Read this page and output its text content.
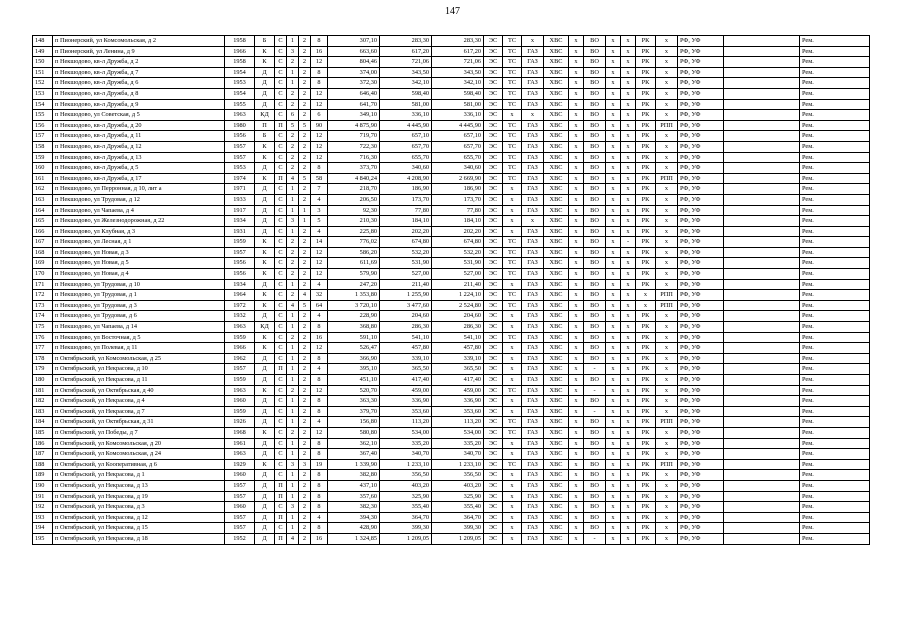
147
148	п Пионерский, ул Комсомольская, д 2	1958	Б	С	1	2	8	307,10	283,30	283,30	ЭС	ТС	х	ХВС	х	ВО	х	х	РК	х	РФ, УФ		Рем.
149	п Пионерский, ул Ленина, д 9	1966	К	С	3	2	16	663,60	617,20	617,20	ЭС	ТС	ГАЗ	ХВС	х	ВО	х	х	РК	х	РФ, УФ		Рем.
150	п Некшодово, кв-л Дружба, д 2	1958	К	С	2	2	12	804,46	721,06	721,06	ЭС	ТС	ГАЗ	ХВС	х	ВО	х	х	РК	х	РФ, УФ		Рем.
151	п Некшодово, кв-л Дружба, д 7	1954	Д	С	1	2	8	374,00	343,50	343,50	ЭС	ТС	ГАЗ	ХВС	х	ВО	х	х	РК	х	РФ, УФ		Рем.
152	п Некшодово, кв-л Дружба, д 6	1953	Д	С	1	2	8	372,30	342,10	342,10	ЭС	ТС	ГАЗ	ХВС	х	ВО	х	х	РК	х	РФ, УФ		Рем.
153	п Некшодово, кв-л Дружба, д 8	1954	Д	С	2	2	12	646,40	598,40	598,40	ЭС	ТС	ГАЗ	ХВС	х	ВО	х	х	РК	х	РФ, УФ		Рем.
154	п Некшодово, кв-л Дружба, д 9	1955	Д	С	2	2	12	641,70	581,00	581,00	ЭС	ТС	ГАЗ	ХВС	х	ВО	х	х	РК	х	РФ, УФ		Рем.
155	п Некшодово, ул Советская, д 5	1963	КД	С	6	2	6	349,10	336,10	336,10	ЭС	х	х	ХВС	х	ВО	х	х	РК	х	РФ, УФ		Рем.
156	п Некшодово, кв-л Дружба, д 20	1980	П	П	5	5	90	4 875,90	4 445,90	4 445,90	ЭС	ТС	ГАЗ	ХВС	х	ВО	х	х	РК	РПП	РФ, УФ		Рем.
157	п Некшодово, кв-л Дружба, д 11	1956	Б	С	2	2	12	719,70	657,10	657,10	ЭС	ТС	ГАЗ	ХВС	х	ВО	х	х	РК	х	РФ, УФ		Рем.
158	п Некшодово, кв-л Дружба, д 12	1957	К	С	2	2	12	722,30	657,70	657,70	ЭС	ТС	ГАЗ	ХВС	х	ВО	х	х	РК	х	РФ, УФ		Рем.
159	п Некшодово, кв-л Дружба, д 13	1957	К	С	2	2	12	716,30	655,70	655,70	ЭС	ТС	ГАЗ	ХВС	х	ВО	х	х	РК	х	РФ, УФ		Рем.
160	п Некшодово, кв-л Дружба, д 5	1953	Д	С	2	2	8	373,70	340,60	340,60	ЭС	ТС	ГАЗ	ХВС	х	ВО	х	х	РК	х	РФ, УФ		Рем.
161	п Некшодово, кв-л Дружба, д 17	1974	К	П	4	5	58	4 840,24	4 208,90	2 669,90	ЭС	ТС	ГАЗ	ХВС	х	ВО	х	х	РК	РПП	РФ, УФ		Рем.
162	п Некшодово, ул Перронная, д 10, лит а	1971	Д	С	1	2	7	218,70	186,90	186,90	ЭС	х	ГАЗ	ХВС	х	ВО	х	х	РК	х	РФ, УФ		Рем.
163	п Некшодово, ул Трудовая, д 12	1933	Д	С	1	2	4	206,50	173,70	173,70	ЭС	х	ГАЗ	ХВС	х	ВО	х	х	РК	х	РФ, УФ		Рем.
164	п Некшодово, ул Чапаева, д 4	1917	Д	С	1	1	3	92,30	77,80	77,80	ЭС	х	ГАЗ	ХВС	х	ВО	х	х	РК	х	РФ, УФ		Рем.
165	п Некшодово, ул Железнодорожная, д 22	1934	Д	С	3	1	5	210,30	184,10	184,10	ЭС	х	х	ХВС	х	ВО	х	х	РК	х	РФ, УФ		Рем.
166	п Некшодово, ул Клубная, д 3	1931	Д	С	1	2	4	225,80	202,20	202,20	ЭС	х	ГАЗ	ХВС	х	ВО	х	х	РК	х	РФ, УФ		Рем.
167	п Некшодово, ул Лесная, д 1	1959	К	С	2	2	14	776,02	674,80	674,80	ЭС	ТС	ГАЗ	ХВС	х	ВО	х	-	РК	х	РФ, УФ		Рем.
168	п Некшодово, ул Новая, д 3	1957	К	С	2	2	12	586,20	532,20	532,20	ЭС	ТС	ГАЗ	ХВС	х	ВО	х	х	РК	х	РФ, УФ		Рем.
169	п Некшодово, ул Новая, д 5	1956	К	С	2	2	12	611,69	531,90	531,90	ЭС	ТС	ГАЗ	ХВС	х	ВО	х	х	РК	х	РФ, УФ		Рем.
170	п Некшодово, ул Новая, д 4	1956	К	С	2	2	12	579,90	527,00	527,00	ЭС	ТС	ГАЗ	ХВС	х	ВО	х	х	РК	х	РФ, УФ		Рем.
171	п Некшодово, ул Трудовая, д 10	1934	Д	С	1	2	4	247,20	211,40	211,40	ЭС	х	ГАЗ	ХВС	х	ВО	х	х	РК	х	РФ, УФ		Рем.
172	п Некшодово, ул Трудовая, д 1	1964	К	С	2	4	32	1 353,80	1 255,90	1 224,10	ЭС	ТС	ГАЗ	ХВС	х	ВО	х	х	х	РПП	РФ, УФ		Рем.
173	п Некшодово, ул Трудовая, д 3	1972	К	С	4	5	64	3 720,10	3 477,60	2 524,80	ЭС	ТС	ГАЗ	ХВС	х	ВО	х	х	х	РПП	РФ, УФ		Рем.
174	п Некшодово, ул Трудовая, д 6	1932	Д	С	1	2	4	228,90	204,60	204,60	ЭС	х	ГАЗ	ХВС	х	ВО	х	х	РК	х	РФ, УФ		Рем.
175	п Некшодово, ул Чапаева, д 14	1963	КД	С	1	2	8	368,80	286,30	286,30	ЭС	х	ГАЗ	ХВС	х	ВО	х	х	РК	х	РФ, УФ		Рем.
176	п Некшодово, ул Восточная, д 5	1959	К	С	2	2	16	591,10	541,10	541,10	ЭС	ТС	ГАЗ	ХВС	х	ВО	х	х	РК	х	РФ, УФ		Рем.
177	п Некшодово, ул Полевая, д 11	1966	К	С	1	2	12	526,47	457,80	457,80	ЭС	х	ГАЗ	ХВС	х	ВО	х	х	РК	х	РФ, УФ		Рем.
178	п Октябрьский, ул Комсомольская, д 25	1962	Д	С	1	2	8	366,90	339,10	339,10	ЭС	х	ГАЗ	ХВС	х	ВО	х	х	РК	х	РФ, УФ		Рем.
179	п Октябрьский, ул Некрасова, д 10	1957	Д	П	1	2	4	395,10	365,50	365,50	ЭС	х	ГАЗ	ХВС	х	-	х	х	РК	х	РФ, УФ		Рем.
180	п Октябрьский, ул Некрасова, д 11	1959	Д	С	1	2	8	451,10	417,40	417,40	ЭС	х	ГАЗ	ХВС	х	ВО	х	х	РК	х	РФ, УФ		Рем.
181	п Октябрьский, ул Октябрьская, д 40	1963	К	С	2	2	12	520,70	459,00	459,00	ЭС	ТС	ГАЗ	ХВС	х	-	х	х	РК	х	РФ, УФ		Рем.
182	п Октябрьский, ул Некрасова, д 4	1960	Д	С	1	2	8	363,30	336,90	336,90	ЭС	х	ГАЗ	ХВС	х	ВО	х	х	РК	х	РФ, УФ		Рем.
183	п Октябрьский, ул Некрасова, д 7	1959	Д	С	1	2	8	379,70	353,60	353,60	ЭС	х	ГАЗ	ХВС	х	-	х	х	РК	х	РФ, УФ		Рем.
184	п Октябрьский, ул Октябрьская, д 31	1926	Д	С	1	2	4	156,80	113,20	113,20	ЭС	ТС	ГАЗ	ХВС	х	ВО	х	х	РК	РПП	РФ, УФ		Рем.
185	п Октябрьский, ул Победы, д 7	1968	К	С	2	2	12	580,80	534,00	534,00	ЭС	ТС	ГАЗ	ХВС	х	ВО	х	х	РК	х	РФ, УФ		Рем.
186	п Октябрьский, ул Комсомольская, д 20	1961	Д	С	1	2	8	362,10	335,20	335,20	ЭС	х	ГАЗ	ХВС	х	ВО	х	х	РК	х	РФ, УФ		Рем.
187	п Октябрьский, ул Комсомольская, д 24	1963	Д	С	1	2	8	367,40	340,70	340,70	ЭС	х	ГАЗ	ХВС	х	ВО	х	х	РК	х	РФ, УФ		Рем.
188	п Октябрьский, ул Кооперативная, д 6	1929	К	С	3	3	19	1 339,90	1 233,10	1 233,10	ЭС	ТС	ГАЗ	ХВС	х	ВО	х	х	РК	РПП	РФ, УФ		Рем.
189	п Октябрьский, ул Некрасова, д 1	1960	Д	С	1	2	8	382,80	356,50	356,50	ЭС	х	ГАЗ	ХВС	х	ВО	х	х	РК	х	РФ, УФ		Рем.
190	п Октябрьский, ул Некрасова, д 13	1957	Д	П	1	2	8	437,10	403,20	403,20	ЭС	х	ГАЗ	ХВС	х	ВО	х	х	РК	х	РФ, УФ		Рем.
191	п Октябрьский, ул Некрасова, д 19	1957	Д	П	1	2	8	357,60	325,90	325,90	ЭС	х	ГАЗ	ХВС	х	ВО	х	х	РК	х	РФ, УФ		Рем.
192	п Октябрьский, ул Некрасова, д 3	1960	Д	С	3	2	8	382,30	355,40	355,40	ЭС	х	ГАЗ	ХВС	х	ВО	х	х	РК	х	РФ, УФ		Рем.
193	п Октябрьский, ул Некрасова, д 12	1957	Д	П	1	2	4	394,30	364,70	364,70	ЭС	х	ГАЗ	ХВС	х	ВО	х	х	РК	х	РФ, УФ		Рем.
194	п Октябрьский, ул Некрасова, д 15	1957	Д	С	1	2	8	428,90	399,30	399,30	ЭС	х	ГАЗ	ХВС	х	ВО	х	х	РК	х	РФ, УФ		Рем.
195	п Октябрьский, ул Некрасова, д 18	1952	Д	П	4	2	16	1 324,85	1 209,05	1 209,05	ЭС	х	ГАЗ	ХВС	х	-	х	х	РК	х	РФ, УФ		Рем.
